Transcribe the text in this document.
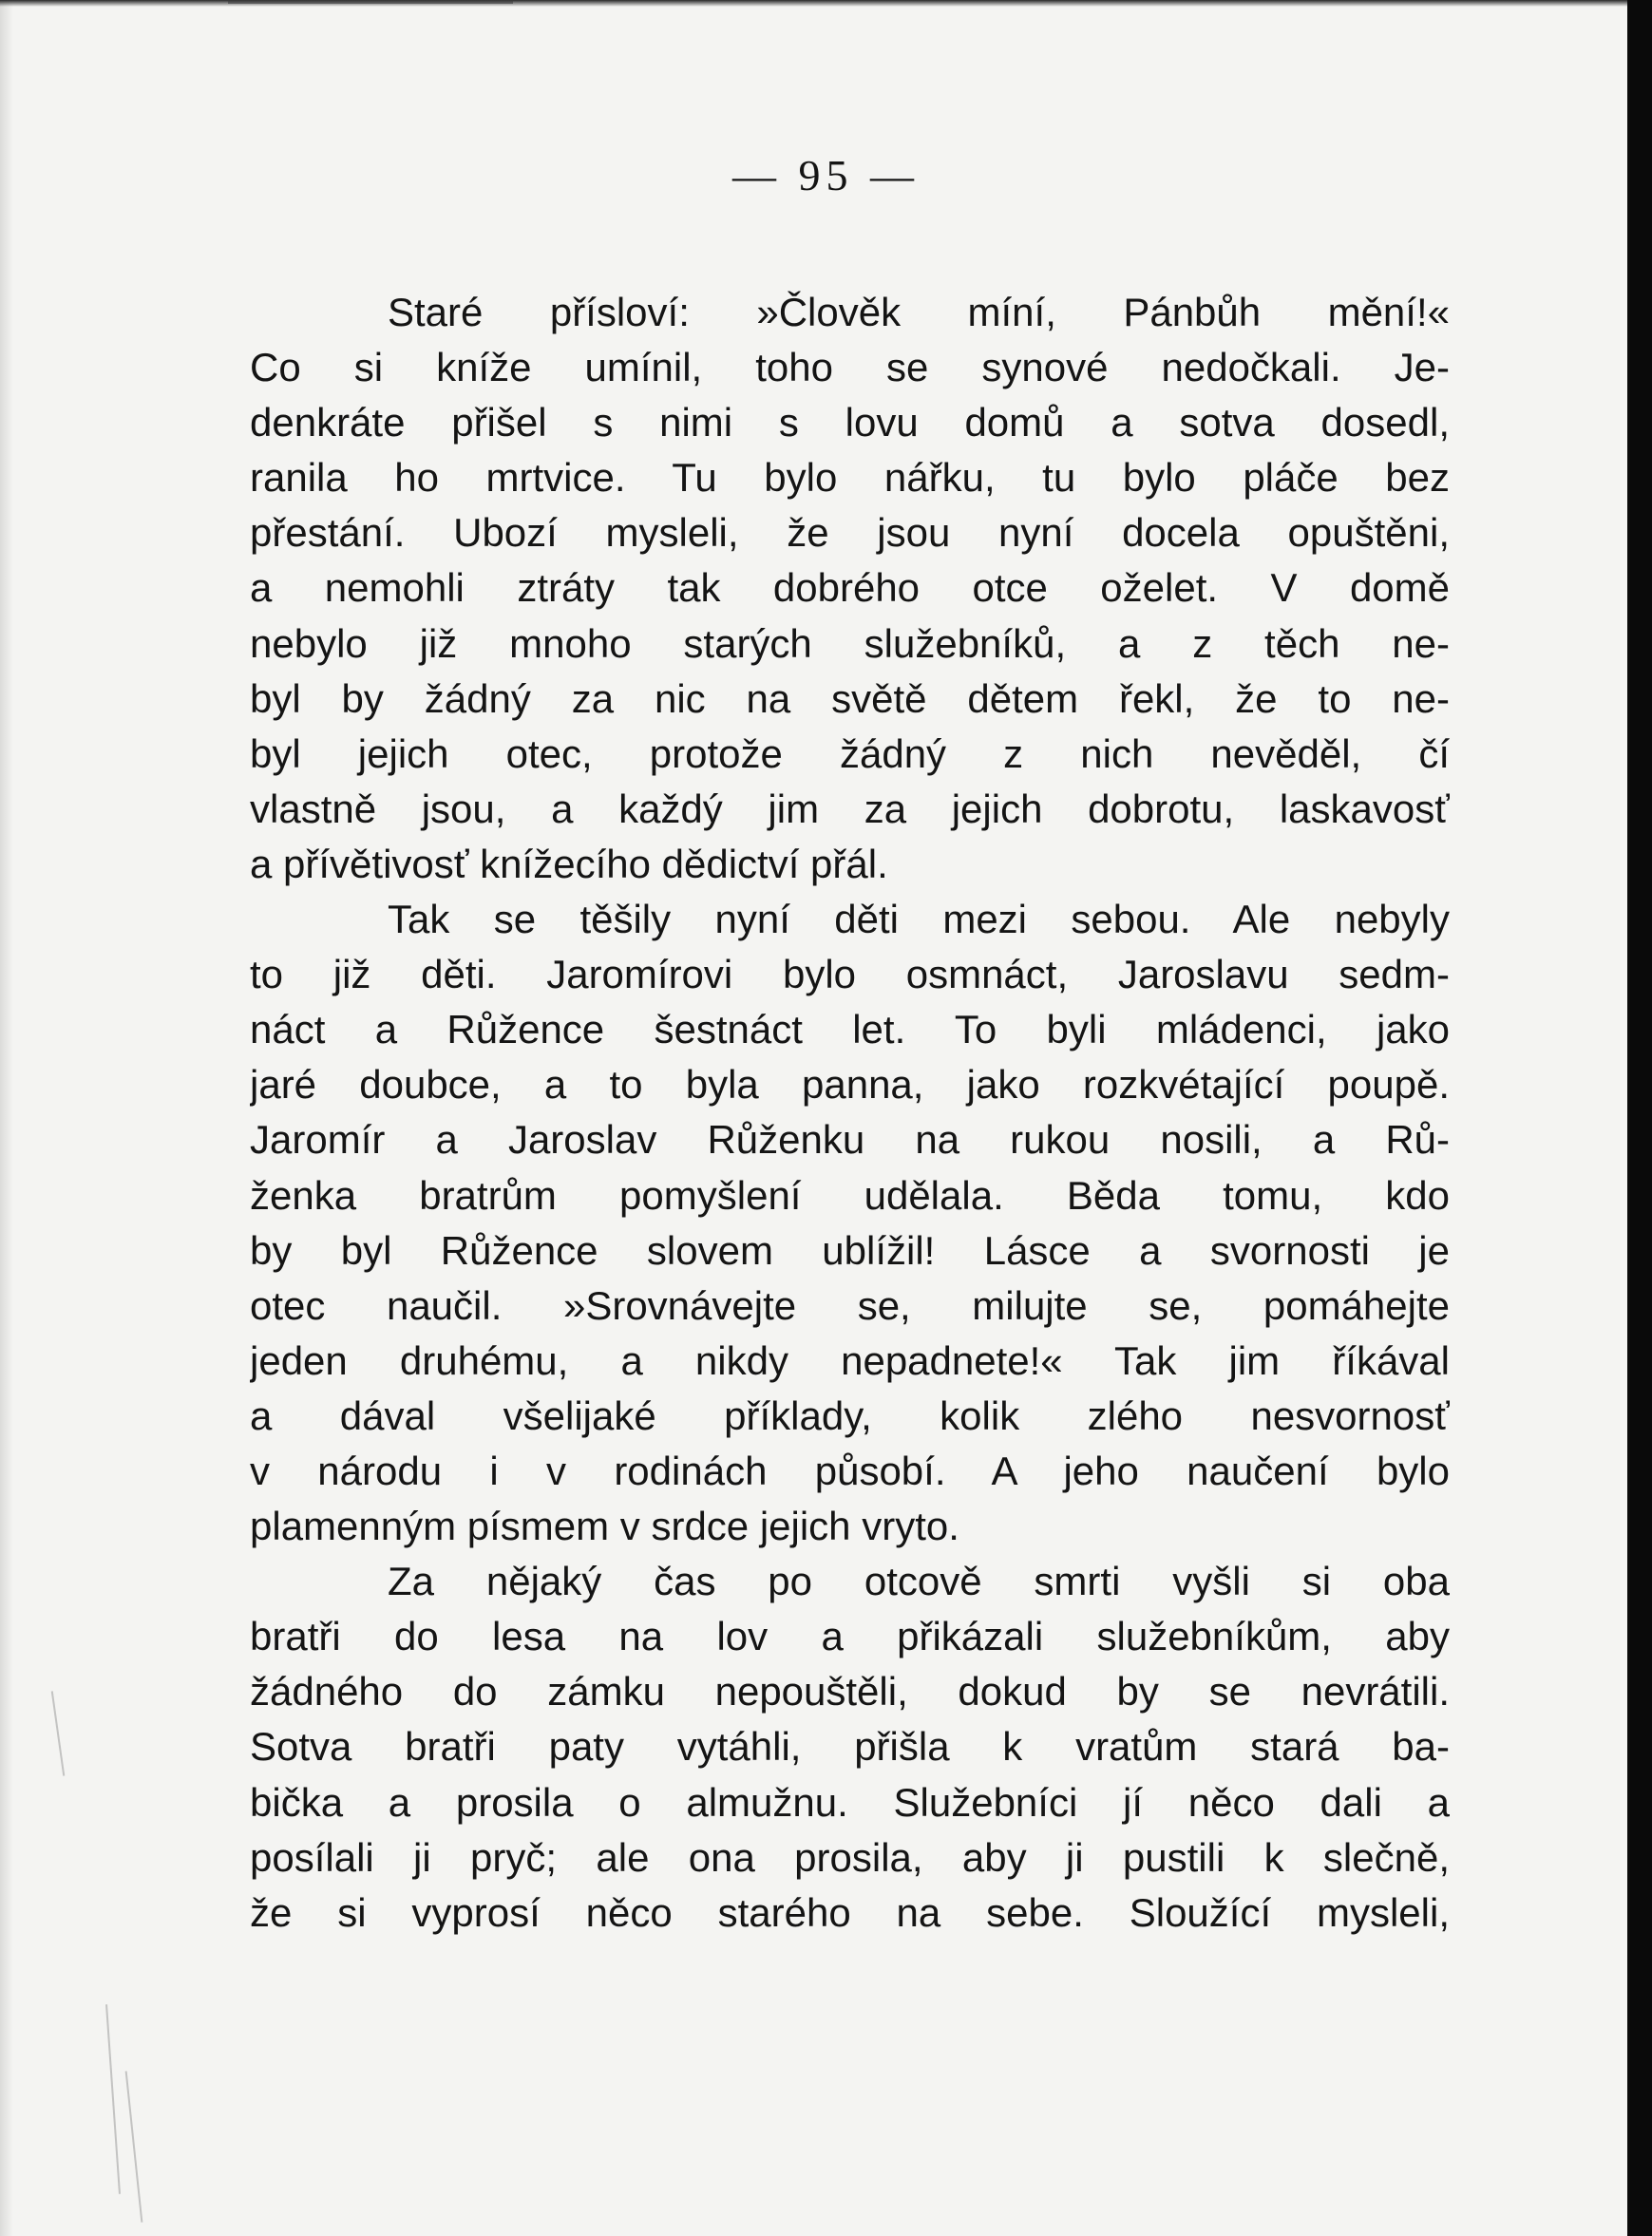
— 95 —
Staré přísloví: »Člověk míní, Pánbůh mění!«
Co si kníže umínil, toho se synové nedočkali. Je-
denkráte přišel s nimi s lovu domů a sotva dosedl,
ranila ho mrtvice. Tu bylo nářku, tu bylo pláče bez
přestání. Ubozí mysleli, že jsou nyní docela opuštěni,
a nemohli ztráty tak dobrého otce oželet. V domě
nebylo již mnoho starých služebníků, a z těch ne-
byl by žádný za nic na světě dětem řekl, že to ne-
byl jejich otec, protože žádný z nich nevěděl, čí
vlastně jsou, a každý jim za jejich dobrotu, laskavosť
a přívětivosť knížecího dědictví přál.
Tak se těšily nyní děti mezi sebou. Ale nebyly
to již děti. Jaromírovi bylo osmnáct, Jaroslavu sedm-
náct a Růžence šestnáct let. To byli mládenci, jako
jaré doubce, a to byla panna, jako rozkvétající poupě.
Jaromír a Jaroslav Růženku na rukou nosili, a Rů-
ženka bratrům pomyšlení udělala. Běda tomu, kdo
by byl Růžence slovem ublížil! Lásce a svornosti je
otec naučil. »Srovnávejte se, milujte se, pomáhejte
jeden druhému, a nikdy nepadnete!« Tak jim říkával
a dával všelijaké příklady, kolik zlého nesvornosť
v národu i v rodinách působí. A jeho naučení bylo
plamenným písmem v srdce jejich vryto.
Za nějaký čas po otcově smrti vyšli si oba
bratři do lesa na lov a přikázali služebníkům, aby
žádného do zámku nepouštěli, dokud by se nevrátili.
Sotva bratři paty vytáhli, přišla k vratům stará ba-
bička a prosila o almužnu. Služebníci jí něco dali a
posílali ji pryč; ale ona prosila, aby ji pustili k slečně,
že si vyprosí něco starého na sebe. Sloužící mysleli,
